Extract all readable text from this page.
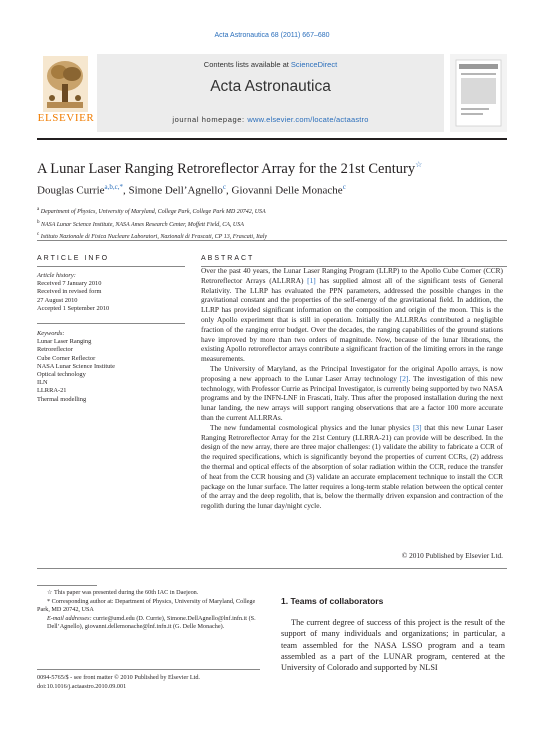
Acta Astronautica 68 (2011) 667–680
ELSEVIER
Contents lists available at ScienceDirect
Acta Astronautica
journal homepage: www.elsevier.com/locate/actaastro
A Lunar Laser Ranging Retroreflector Array for the 21st Century☆
Douglas Currie$^{a,b,c,*}$, Simone Dell’Agnello$^c$, Giovanni Delle Monache$^c$
$^a$ Department of Physics, University of Maryland, College Park, College Park MD 20742, USA
$^b$ NASA Lunar Science Institute, NASA Ames Research Center, Moffett Field, CA, USA
$^c$ Istituto Nazionale di Fisica Nucleare Laboratori, Nazionali di Frascati, CP 13, Frascati, Italy
ARTICLE INFO	ABSTRACT
Article history:
Received 7 January 2010
Received in revised form
27 August 2010
Accepted 1 September 2010
Keywords:
Lunar Laser Ranging
Retroreflector
Cube Corner Reflector
NASA Lunar Science Institute
Optical technology
ILN
LLRRA-21
Thermal modelling

Over the past 40 years, the Lunar Laser Ranging Program (LLRP) to the Apollo Cube Corner (CCR) Retroreflector Arrays (ALLRRA) [1] has supplied almost all of the significant tests of General Relativity. The LLRP has evaluated the PPN parameters, addressed the possible changes in the gravitational constant and the properties of the self-energy of the gravitational field. In addition, the LLRP has provided significant information on the composition and origin of the moon. This is the only Apollo experiment that is still in operation. Initially the ALLRRAs contributed a negligible fraction of the ranging error budget. Over the decades, the ranging capabilities of the ground stations have improved by more than two orders of magnitude. Now, because of the lunar librations, the existing Apollo retroreflector arrays contribute a significant fraction of the limiting errors in the range measurements.

The University of Maryland, as the Principal Investigator for the original Apollo arrays, is now proposing a new approach to the Lunar Laser Array technology [2]. The investigation of this new technology, with Professor Currie as Principal Investigator, is currently being supported by two NASA programs and by the INFN-LNF in Frascati, Italy. Thus after the proposed installation during the next lunar landing, the new arrays will support ranging observations that are a factor 100 more accurate than the current ALLRRAs.

The new fundamental cosmological physics and the lunar physics [3] that this new Lunar Laser Ranging Retroreflector Array for the 21st Century (LLRRA-21) can provide will be described. In the design of the new array, there are three major challenges: (1) validate the ability to fabricate a CCR of the required specifications, which is significantly beyond the properties of current CCRs, (2) address the thermal and optical effects of the absorption of solar radiation within the CCR, reduce the transfer of heat from the CCR housing and (3) validate an accurate emplacement technique to install the CCR package on the lunar surface. The latter requires a long-term stable relation between the optical center of the array and the deep regolith, that is, below the thermally driven expansion and contraction of the regolith during the lunar day/night cycle.

© 2010 Published by Elsevier Ltd.
☆ This paper was presented during the 60th IAC in Daejeon.
* Corresponding author at: Department of Physics, University of Maryland, College Park, MD 20742, USA
E-mail addresses: currie@umd.edu (D. Currie), Simone.DellAgnello@lnf.infn.it (S. Dell’Agnello), giovanni.dellemonache@lnf.infn.it (G. Delle Monache).
0094-5765/$ - see front matter © 2010 Published by Elsevier Ltd.
doi:10.1016/j.actaastro.2010.09.001
1. Teams of collaborators
The current degree of success of this project is the result of the support of many individuals and organizations; in particular, a team assembled for the NASA LSSO program and a team assembled as a part of the LUNAR program, centered at the University of Colorado and supported by NLSI
